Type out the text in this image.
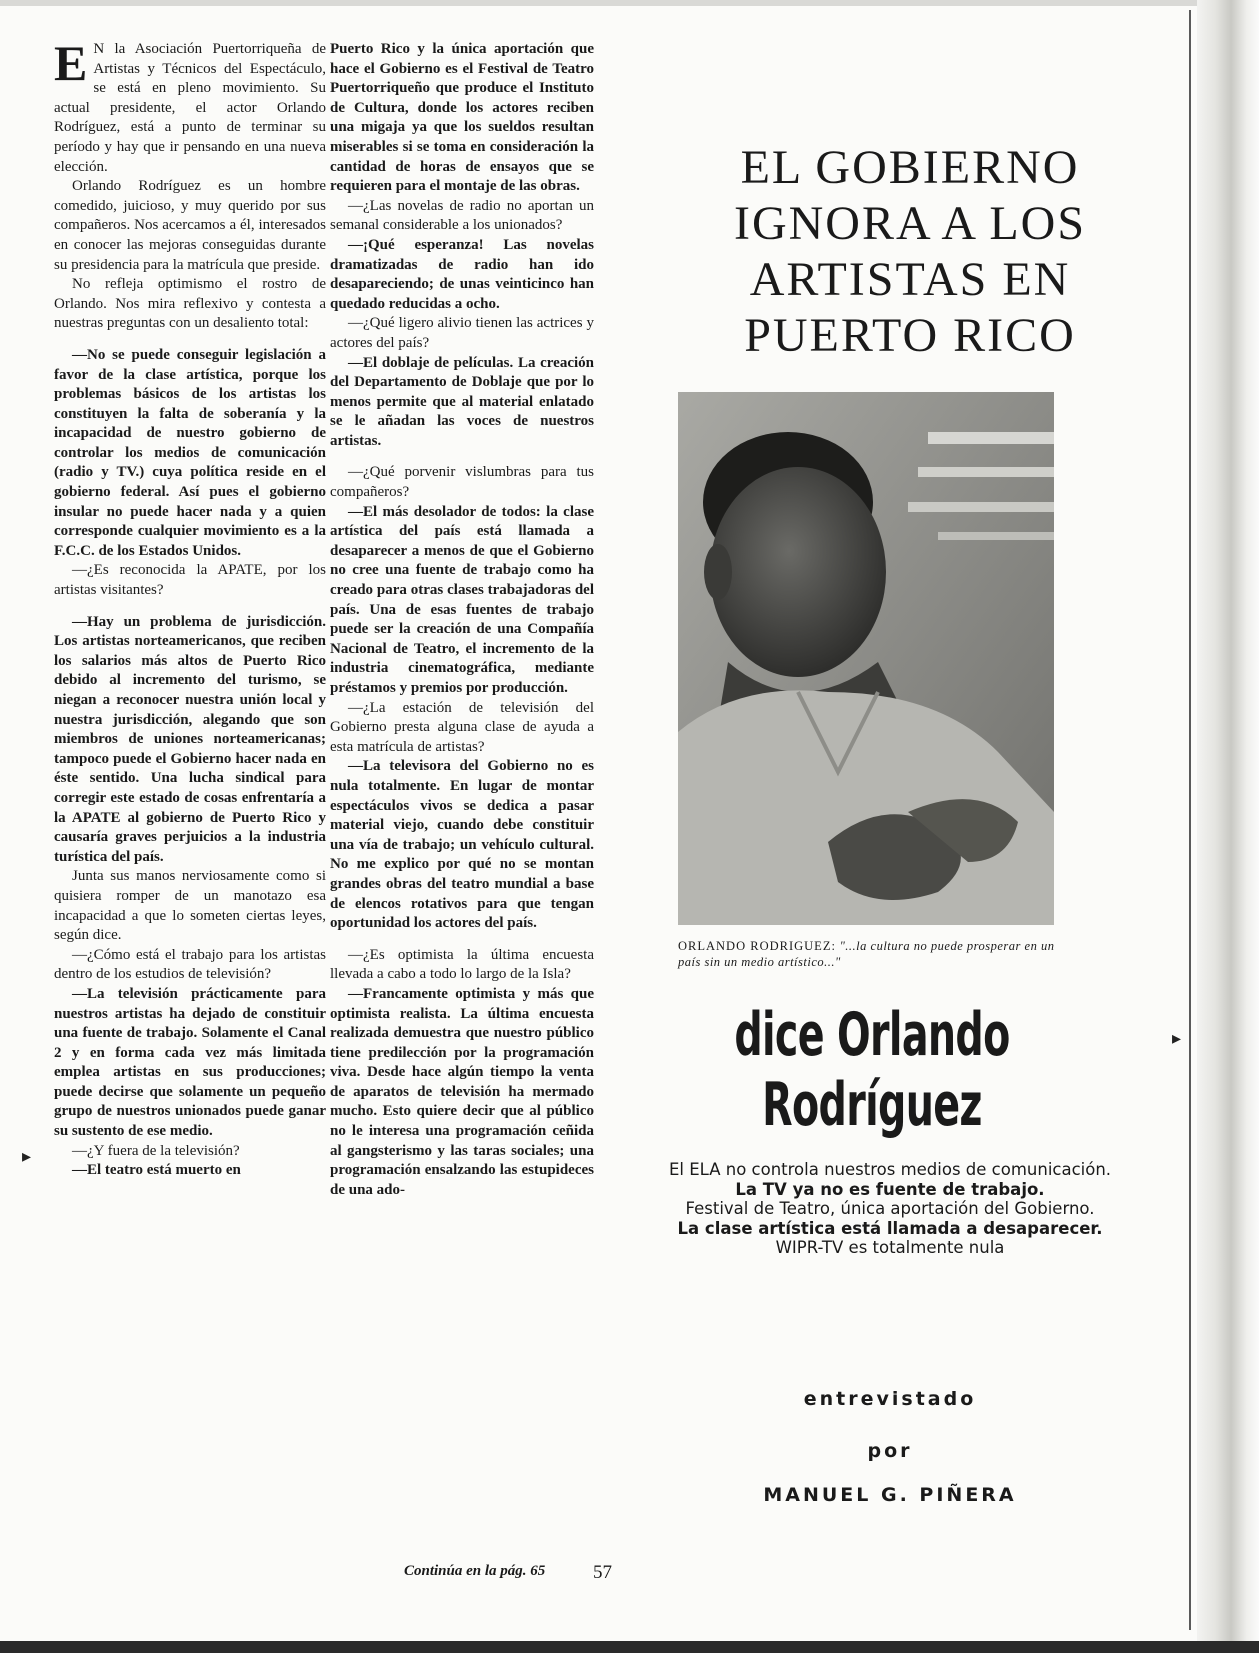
E N la Asociación Puertorriqueña de Artistas y Técnicos del Espectáculo, se está en pleno movimiento. Su actual presidente, el actor Orlando Rodríguez, está a punto de terminar su período y hay que ir pensando en una nueva elección.

Orlando Rodríguez es un hombre comedido, juicioso, y muy querido por sus compañeros. Nos acercamos a él, interesados en conocer las mejoras conseguidas durante su presidencia para la matrícula que preside.

No refleja optimismo el rostro de Orlando. Nos mira reflexivo y contesta a nuestras preguntas con un desaliento total:

—No se puede conseguir legislación a favor de la clase artística, porque los problemas básicos de los artistas los constituyen la falta de soberanía y la incapacidad de nuestro gobierno de controlar los medios de comunicación (radio y TV.) cuya política reside en el gobierno federal. Así pues el gobierno insular no puede hacer nada y a quien corresponde cualquier movimiento es a la F.C.C. de los Estados Unidos.

—¿Es reconocida la APATE, por los artistas visitantes?

—Hay un problema de jurisdicción. Los artistas norteamericanos, que reciben los salarios más altos de Puerto Rico debido al incremento del turismo, se niegan a reconocer nuestra unión local y nuestra jurisdicción, alegando que son miembros de uniones norteamericanas; tampoco puede el Gobierno hacer nada en éste sentido. Una lucha sindical para corregir este estado de cosas enfrentaría a la APATE al gobierno de Puerto Rico y causaría graves perjuicios a la industria turística del país.

Junta sus manos nerviosamente como si quisiera romper de un manotazo esa incapacidad a que lo someten ciertas leyes, según dice.

—¿Cómo está el trabajo para los artistas dentro de los estudios de televisión?

—La televisión prácticamente para nuestros artistas ha dejado de constituir una fuente de trabajo. Solamente el Canal 2 y en forma cada vez más limitada emplea artistas en sus producciones; puede decirse que solamente un pequeño grupo de nuestros unionados puede ganar su sustento de ese medio.

—¿Y fuera de la televisión?

—El teatro está muerto en

Puerto Rico y la única aportación que hace el Gobierno es el Festival de Teatro Puertorriqueño que produce el Instituto de Cultura, donde los actores reciben una migaja ya que los sueldos resultan miserables si se toma en consideración la cantidad de horas de ensayos que se requieren para el montaje de las obras.

—¿Las novelas de radio no aportan un semanal considerable a los unionados?

—¡Qué esperanza! Las novelas dramatizadas de radio han ido desapareciendo; de unas veinticinco han quedado reducidas a ocho.

—¿Qué ligero alivio tienen las actrices y actores del país?

—El doblaje de películas. La creación del Departamento de Doblaje que por lo menos permite que al material enlatado se le añadan las voces de nuestros artistas.

—¿Qué porvenir vislumbras para tus compañeros?

—El más desolador de todos: la clase artística del país está llamada a desaparecer a menos de que el Gobierno no cree una fuente de trabajo como ha creado para otras clases trabajadoras del país. Una de esas fuentes de trabajo puede ser la creación de una Compañía Nacional de Teatro, el incremento de la industria cinematográfica, mediante préstamos y premios por producción.

—¿La estación de televisión del Gobierno presta alguna clase de ayuda a esta matrícula de artistas?

—La televisora del Gobierno no es nula totalmente. En lugar de montar espectáculos vivos se dedica a pasar material viejo, cuando debe constituir una vía de trabajo; un vehículo cultural. No me explico por qué no se montan grandes obras del teatro mundial a base de elencos rotativos para que tengan oportunidad los actores del país.

—¿Es optimista la última encuesta llevada a cabo a todo lo largo de la Isla?

—Francamente optimista y más que optimista realista. La última encuesta realizada demuestra que nuestro público tiene predilección por la programación viva. Desde hace algún tiempo la venta de aparatos de televisión ha mermado mucho. Esto quiere decir que al público no le interesa una programación ceñida al gangsterismo y las taras sociales; una programación ensalzando las estupideces de una ado-

EL GOBIERNO
IGNORA A LOS
ARTISTAS EN
PUERTO RICO
ORLANDO RODRIGUEZ: "...la cultura no puede prosperar en un país sin un medio artístico..."
dice Orlando Rodríguez
▸
▸
El ELA no controla nuestros medios de comunicación.
La TV ya no es fuente de trabajo.
Festival de Teatro, única aportación del Gobierno.
La clase artística está llamada a desaparecer.
WIPR-TV es totalmente nula
entrevistado
por
MANUEL G. PIÑERA
Continúa en la pág. 65	57
